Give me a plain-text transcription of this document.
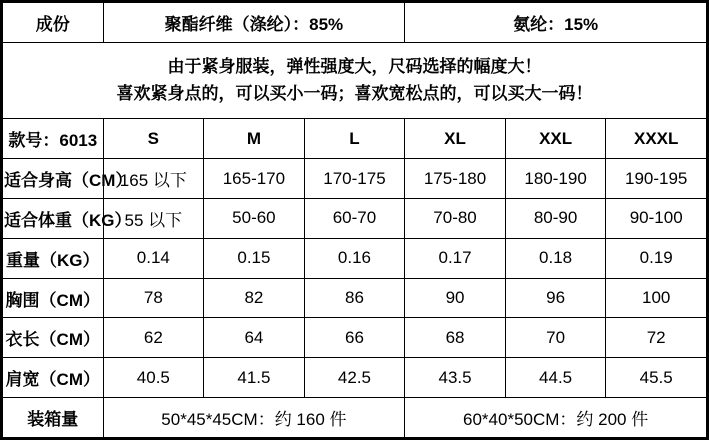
成份	聚酯纤维（涤纶）：85%			氨纶：15%		

由于紧身服装，弹性强度大，尺码选择的幅度大！
喜欢紧身点的，可以买小一码；喜欢宽松点的，可以买大一码！						

款号：6013	S	M	L	XL	XXL	XXXL
适合身高（CM）	165 以下	165-170	170-175	175-180	180-190	190-195
适合体重（KG）	55 以下	50-60	60-70	70-80	80-90	90-100
重量（KG）	0.14	0.15	0.16	0.17	0.18	0.19
胸围（CM）	78	82	86	90	96	100
衣长（CM）	62	64	66	68	70	72
肩宽（CM）	40.5	41.5	42.5	43.5	44.5	45.5
装箱量	50*45*45CM：约 160 件			60*40*50CM：约 200 件		
